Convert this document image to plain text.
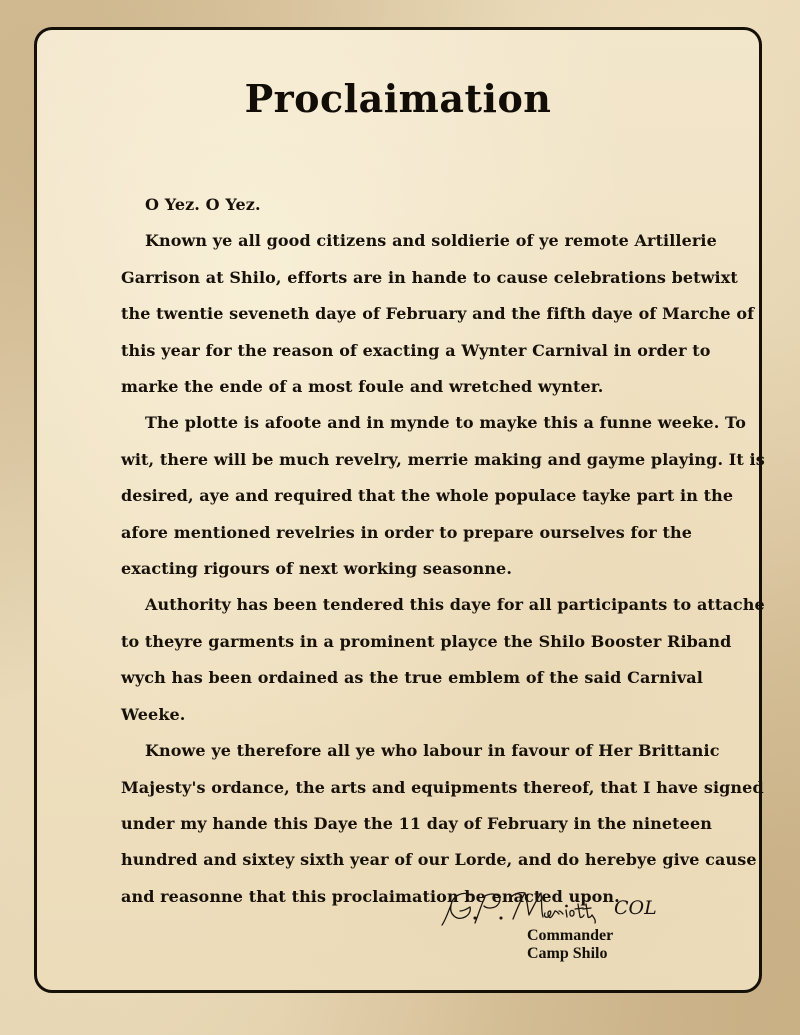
Proclaimation

O Yez. O Yez.

Known ye all good citizens and soldierie of ye remote Artillerie Garrison at Shilo, efforts are in hande to cause celebrations betwixt the twentie seveneth daye of February and the fifth daye of Marche of this year for the reason of exacting a Wynter Carnival in order to marke the ende of a most foule and wretched wynter.

The plotte is afoote and in mynde to mayke this a funne weeke. To wit, there will be much revelry, merrie making and gayme playing. It is desired, aye and required that the whole populace tayke part in the afore mentioned revelries in order to prepare ourselves for the exacting rigours of next working seasonne.

Authority has been tendered this daye for all participants to attache to theyre garments in a prominent playce the Shilo Booster Riband wych has been ordained as the true emblem of the said Carnival Weeke.

Knowe ye therefore all ye who labour in favour of Her Brittanic Majesty's ordance, the arts and equipments thereof, that I have signed under my hande this Daye the 11 day of February in the nineteen hundred and sixtey sixth year of our Lorde, and do herebye give cause and reasonne that this proclaimation be enacted upon.

COL
Commander
Camp Shilo
